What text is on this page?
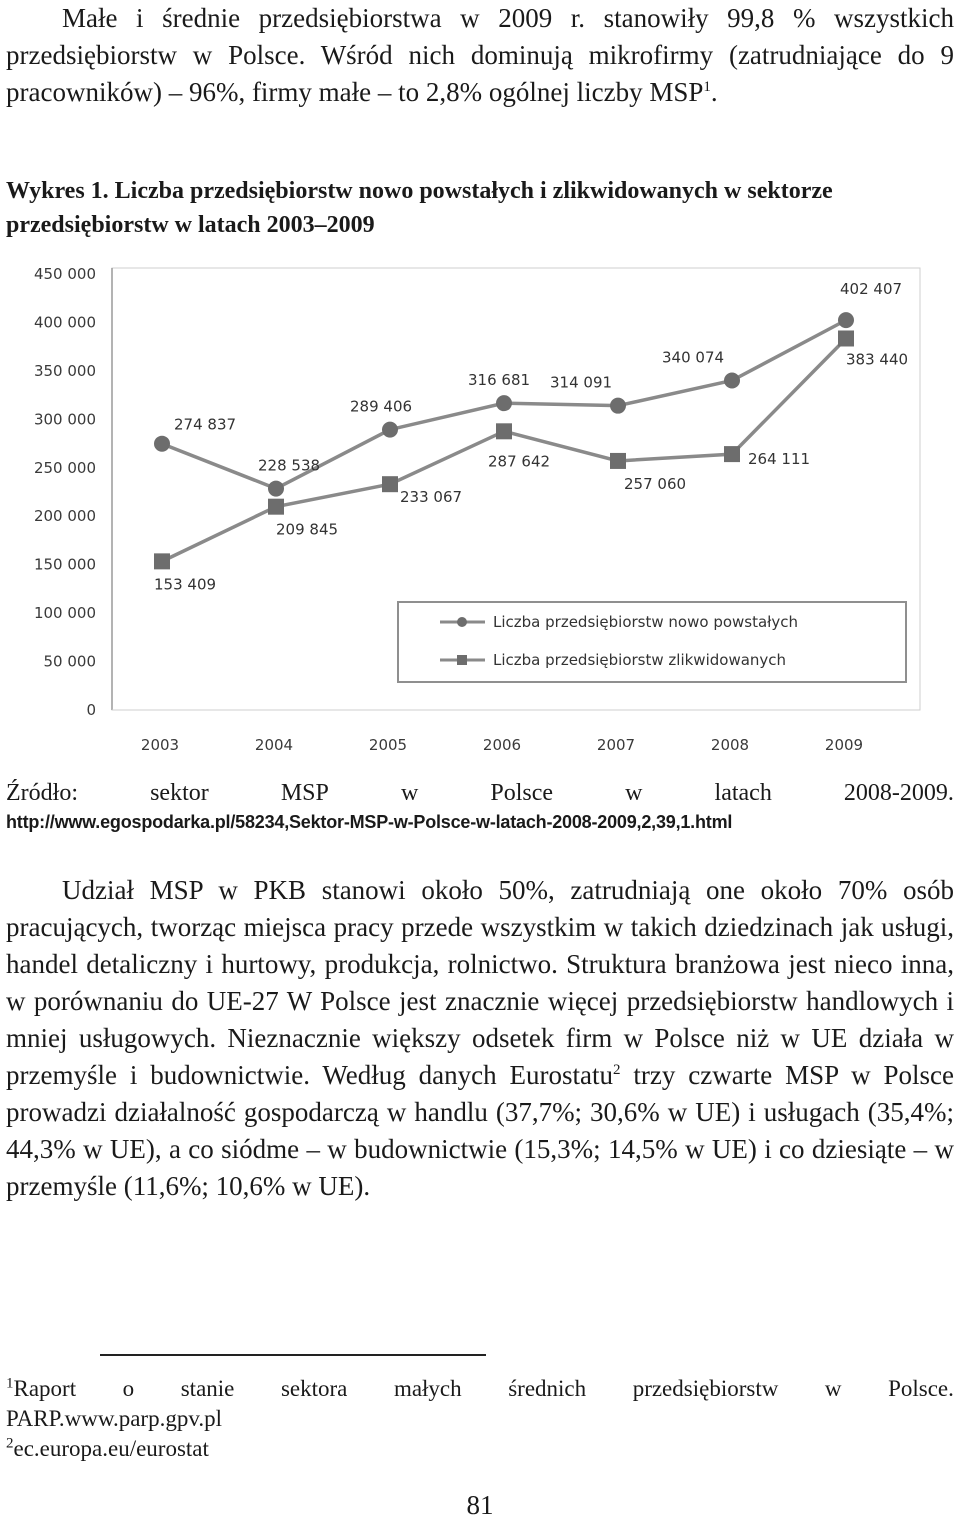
Małe i średnie przedsiębiorstwa w 2009 r. stanowiły 99,8 % wszystkich przedsiębiorstw w Polsce. Wśród nich dominują mikrofirmy (zatrudniające do 9 pracowników) – 96%, firmy małe – to 2,8% ogólnej liczby MSP$^1$.

Wykres 1. Liczba przedsiębiorstw nowo powstałych i zlikwidowanych w sektorze przedsiębiorstw w latach 2003–2009

0
50 000
100 000
150 000
200 000
250 000
300 000
350 000
400 000
450 000
2003	2004	2005	2006	2007	2008	2009
Liczba przedsiębiorstw nowo powstałych
Liczba przedsiębiorstw zlikwidowanych
274 837
228 538
289 406
316 681 314 091
340 074
402 407
153 409
209 845
233 067
287 642
257 060
264 111
383 440
Źródło:	sektor	MSP	w	Polsce	w	latach	2008-2009.
http://www.egospodarka.pl/58234,Sektor-MSP-w-Polsce-w-latach-2008-2009,2,39,1.html

Udział MSP w PKB stanowi około 50%, zatrudniają one około 70% osób pracujących, tworząc miejsca pracy przede wszystkim w takich dziedzinach jak usługi, handel detaliczny i hurtowy, produkcja, rolnictwo. Struktura branżowa jest nieco inna, w porównaniu do UE-27 W Polsce jest znacznie więcej przedsiębiorstw handlowych i mniej usługowych. Nieznacznie większy odsetek firm w Polsce niż w UE działa w przemyśle i budownictwie. Według danych Eurostatu$^2$ trzy czwarte MSP w Polsce prowadzi działalność gospodarczą w handlu (37,7%; 30,6% w UE) i usługach (35,4%; 44,3% w UE), a co siódme – w budownictwie (15,3%; 14,5% w UE) i co dziesiąte – w przemyśle (11,6%; 10,6% w UE).

$^1$Raport o stanie sektora małych średnich przedsiębiorstw w Polsce.
PARP.www.parp.gpv.pl
$^2$ec.europa.eu/eurostat
81
